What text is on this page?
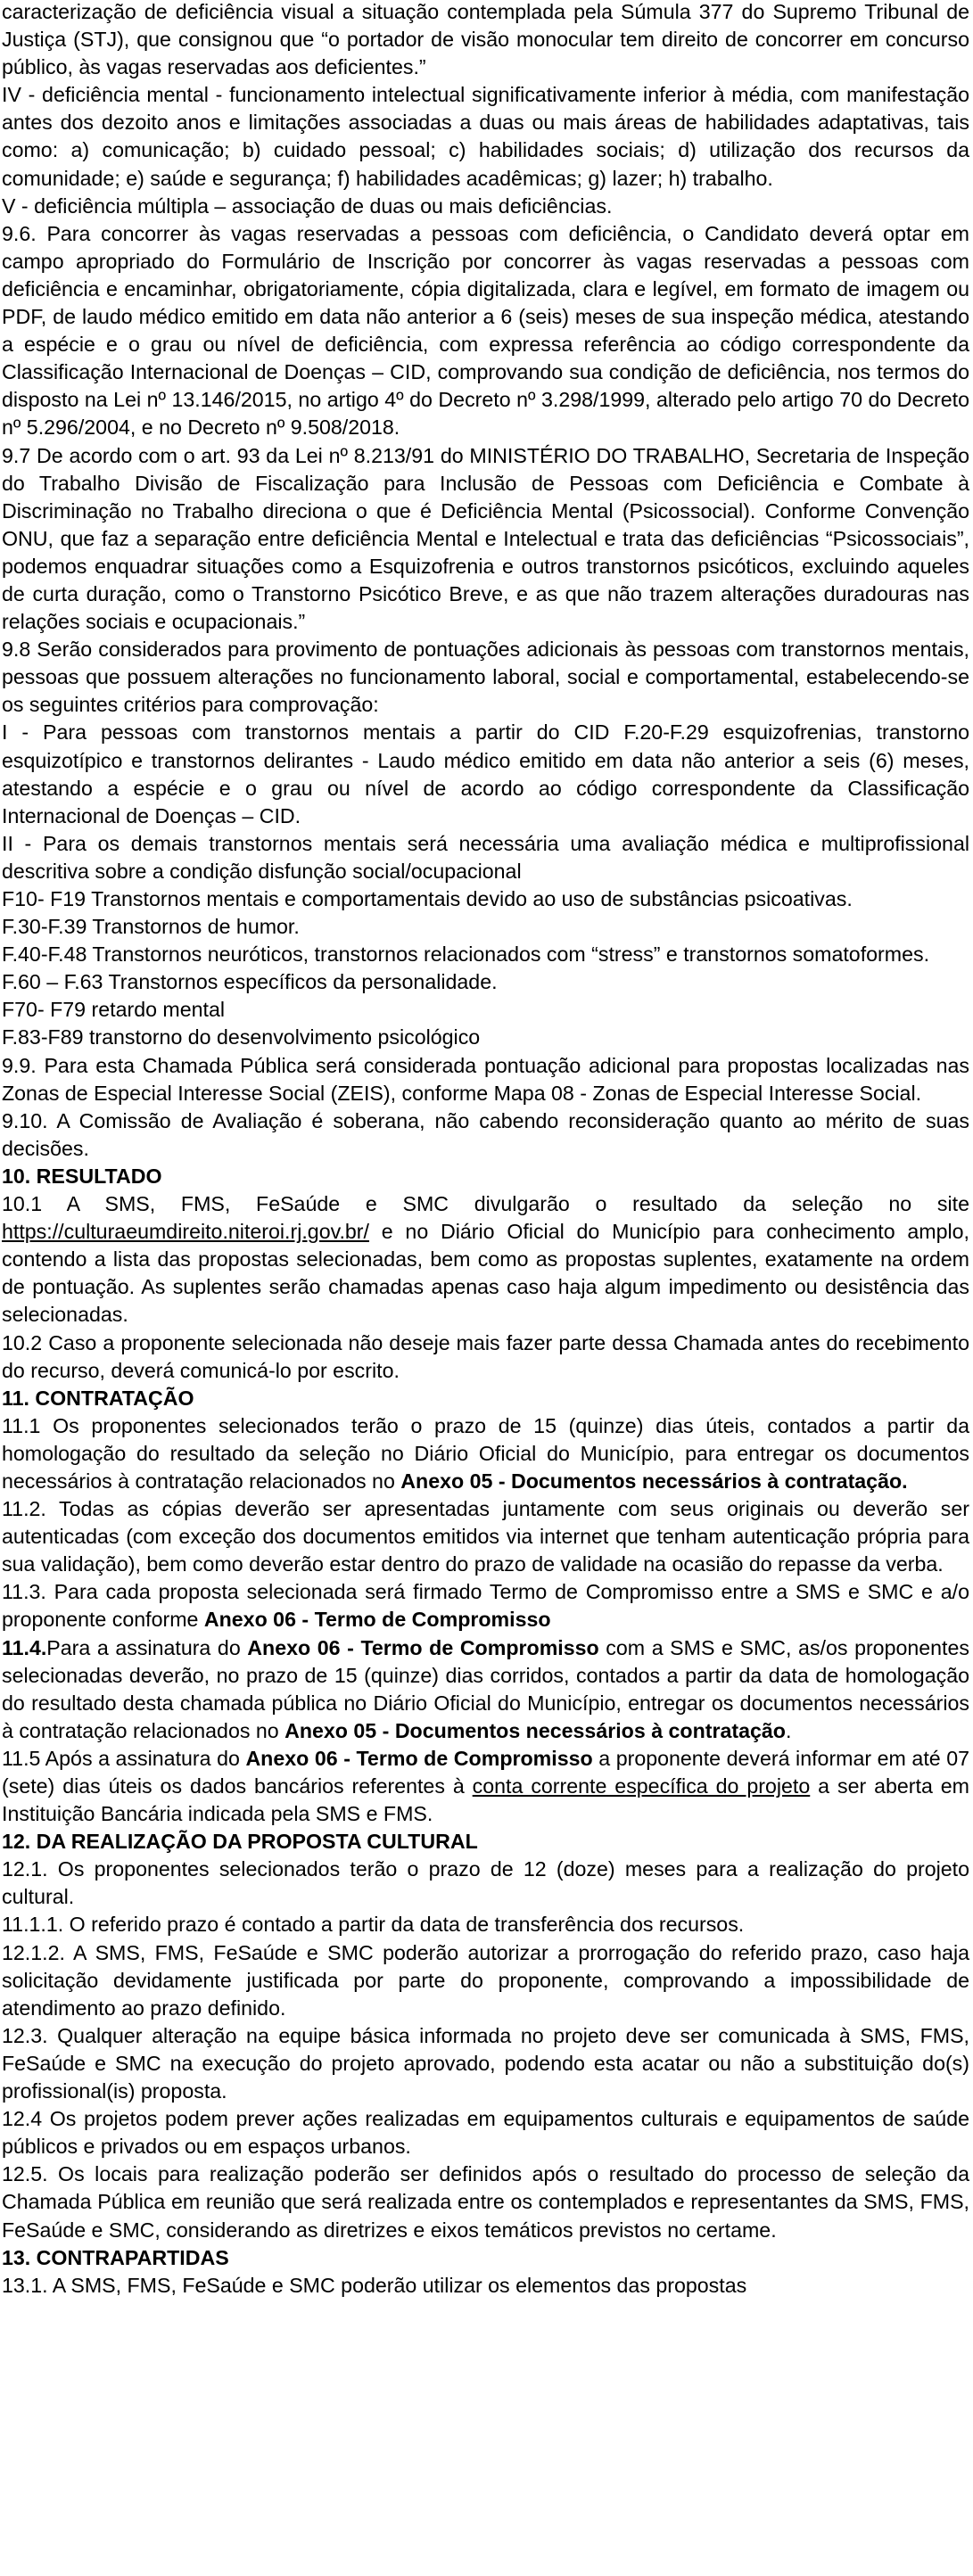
caracterização de deficiência visual a situação contemplada pela Súmula 377 do Supremo Tribunal de Justiça (STJ), que consignou que “o portador de visão monocular tem direito de concorrer em concurso público, às vagas reservadas aos deficientes.”

IV - deficiência mental - funcionamento intelectual significativamente inferior à média, com manifestação antes dos dezoito anos e limitações associadas a duas ou mais áreas de habilidades adaptativas, tais como: a) comunicação; b) cuidado pessoal; c) habilidades sociais; d) utilização dos recursos da comunidade; e) saúde e segurança; f) habilidades acadêmicas; g) lazer; h) trabalho.

V - deficiência múltipla – associação de duas ou mais deficiências.

9.6. Para concorrer às vagas reservadas a pessoas com deficiência, o Candidato deverá optar em campo apropriado do Formulário de Inscrição por concorrer às vagas reservadas a pessoas com deficiência e encaminhar, obrigatoriamente, cópia digitalizada, clara e legível, em formato de imagem ou PDF, de laudo médico emitido em data não anterior a 6 (seis) meses de sua inspeção médica, atestando a espécie e o grau ou nível de deficiência, com expressa referência ao código correspondente da Classificação Internacional de Doenças – CID, comprovando sua condição de deficiência, nos termos do disposto na Lei nº 13.146/2015, no artigo 4º do Decreto nº 3.298/1999, alterado pelo artigo 70 do Decreto nº 5.296/2004, e no Decreto nº 9.508/2018.

9.7 De acordo com o art. 93 da Lei nº 8.213/91 do MINISTÉRIO DO TRABALHO, Secretaria de Inspeção do Trabalho Divisão de Fiscalização para Inclusão de Pessoas com Deficiência e Combate à Discriminação no Trabalho direciona o que é Deficiência Mental (Psicossocial). Conforme Convenção ONU, que faz a separação entre deficiência Mental e Intelectual e trata das deficiências “Psicossociais”, podemos enquadrar situações como a Esquizofrenia e outros transtornos psicóticos, excluindo aqueles de curta duração, como o Transtorno Psicótico Breve, e as que não trazem alterações duradouras nas relações sociais e ocupacionais.”

9.8 Serão considerados para provimento de pontuações adicionais às pessoas com transtornos mentais, pessoas que possuem alterações no funcionamento laboral, social e comportamental, estabelecendo-se os seguintes critérios para comprovação:

I - Para pessoas com transtornos mentais a partir do CID F.20-F.29 esquizofrenias, transtorno esquizotípico e transtornos delirantes - Laudo médico emitido em data não anterior a seis (6) meses, atestando a espécie e o grau ou nível de acordo ao código correspondente da Classificação Internacional de Doenças – CID.

II - Para os demais transtornos mentais será necessária uma avaliação médica e multiprofissional descritiva sobre a condição disfunção social/ocupacional

F10- F19 Transtornos mentais e comportamentais devido ao uso de substâncias psicoativas.

F.30-F.39 Transtornos de humor.

F.40-F.48 Transtornos neuróticos, transtornos relacionados com “stress” e transtornos somatoformes.

F.60 – F.63 Transtornos específicos da personalidade.

F70- F79 retardo mental

F.83-F89 transtorno do desenvolvimento psicológico

9.9. Para esta Chamada Pública será considerada pontuação adicional para propostas localizadas nas Zonas de Especial Interesse Social (ZEIS), conforme Mapa 08 - Zonas de Especial Interesse Social.

9.10. A Comissão de Avaliação é soberana, não cabendo reconsideração quanto ao mérito de suas decisões.

10. RESULTADO

10.1 A SMS, FMS, FeSaúde e SMC divulgarão o resultado da seleção no site https://culturaeumdireito.niteroi.rj.gov.br/ e no Diário Oficial do Município para conhecimento amplo, contendo a lista das propostas selecionadas, bem como as propostas suplentes, exatamente na ordem de pontuação. As suplentes serão chamadas apenas caso haja algum impedimento ou desistência das selecionadas.

10.2 Caso a proponente selecionada não deseje mais fazer parte dessa Chamada antes do recebimento do recurso, deverá comunicá-lo por escrito.

11. CONTRATAÇÃO

11.1 Os proponentes selecionados terão o prazo de 15 (quinze) dias úteis, contados a partir da homologação do resultado da seleção no Diário Oficial do Município, para entregar os documentos necessários à contratação relacionados no Anexo 05 - Documentos necessários à contratação.

11.2. Todas as cópias deverão ser apresentadas juntamente com seus originais ou deverão ser autenticadas (com exceção dos documentos emitidos via internet que tenham autenticação própria para sua validação), bem como deverão estar dentro do prazo de validade na ocasião do repasse da verba.

11.3. Para cada proposta selecionada será firmado Termo de Compromisso entre a SMS e SMC e a/o proponente conforme Anexo 06 - Termo de Compromisso

11.4.Para a assinatura do Anexo 06 - Termo de Compromisso com a SMS e SMC, as/os proponentes selecionadas deverão, no prazo de 15 (quinze) dias corridos, contados a partir da data de homologação do resultado desta chamada pública no Diário Oficial do Município, entregar os documentos necessários à contratação relacionados no Anexo 05 - Documentos necessários à contratação.

11.5 Após a assinatura do Anexo 06 - Termo de Compromisso a proponente deverá informar em até 07 (sete) dias úteis os dados bancários referentes à conta corrente específica do projeto a ser aberta em Instituição Bancária indicada pela SMS e FMS.

12. DA REALIZAÇÃO DA PROPOSTA CULTURAL

12.1. Os proponentes selecionados terão o prazo de 12 (doze) meses para a realização do projeto cultural.

11.1.1. O referido prazo é contado a partir da data de transferência dos recursos.

12.1.2. A SMS, FMS, FeSaúde e SMC poderão autorizar a prorrogação do referido prazo, caso haja solicitação devidamente justificada por parte do proponente, comprovando a impossibilidade de atendimento ao prazo definido.

12.3. Qualquer alteração na equipe básica informada no projeto deve ser comunicada à SMS, FMS, FeSaúde e SMC na execução do projeto aprovado, podendo esta acatar ou não a substituição do(s) profissional(is) proposta.

12.4 Os projetos podem prever ações realizadas em equipamentos culturais e equipamentos de saúde públicos e privados ou em espaços urbanos.

12.5. Os locais para realização poderão ser definidos após o resultado do processo de seleção da Chamada Pública em reunião que será realizada entre os contemplados e representantes da SMS, FMS, FeSaúde e SMC, considerando as diretrizes e eixos temáticos previstos no certame.

13. CONTRAPARTIDAS

13.1. A SMS, FMS, FeSaúde e SMC poderão utilizar os elementos das propostas
